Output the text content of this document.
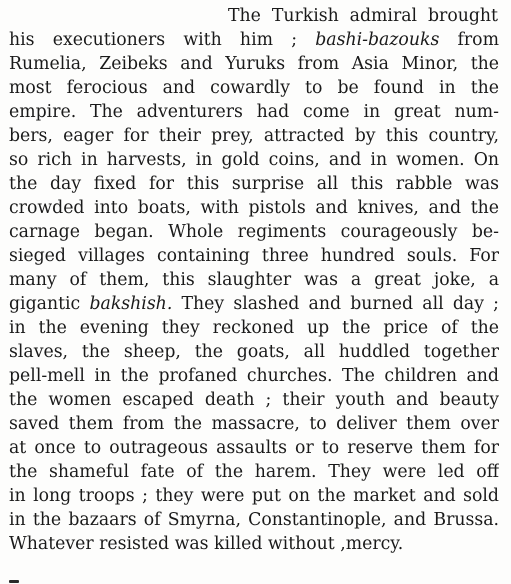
The Turkish admiral brought
his executioners with him ; bashi-bazouks from
Rumelia, Zeibeks and Yuruks from Asia Minor, the
most ferocious and cowardly to be found in the
empire. The adventurers had come in great num-
bers, eager for their prey, attracted by this country,
so rich in harvests, in gold coins, and in women. On
the day fixed for this surprise all this rabble was
crowded into boats, with pistols and knives, and the
carnage began. Whole regiments courageously be-
sieged villages containing three hundred souls. For
many of them, this slaughter was a great joke, a
gigantic bakshish. They slashed and burned all day ;
in the evening they reckoned up the price of the
slaves, the sheep, the goats, all huddled together
pell-mell in the profaned churches. The children and
the women escaped death ; their youth and beauty
saved them from the massacre, to deliver them over
at once to outrageous assaults or to reserve them for
the shameful fate of the harem. They were led off
in long troops ; they were put on the market and sold
in the bazaars of Smyrna, Constantinople, and Brussa.
Whatever resisted was killed without ,mercy.
